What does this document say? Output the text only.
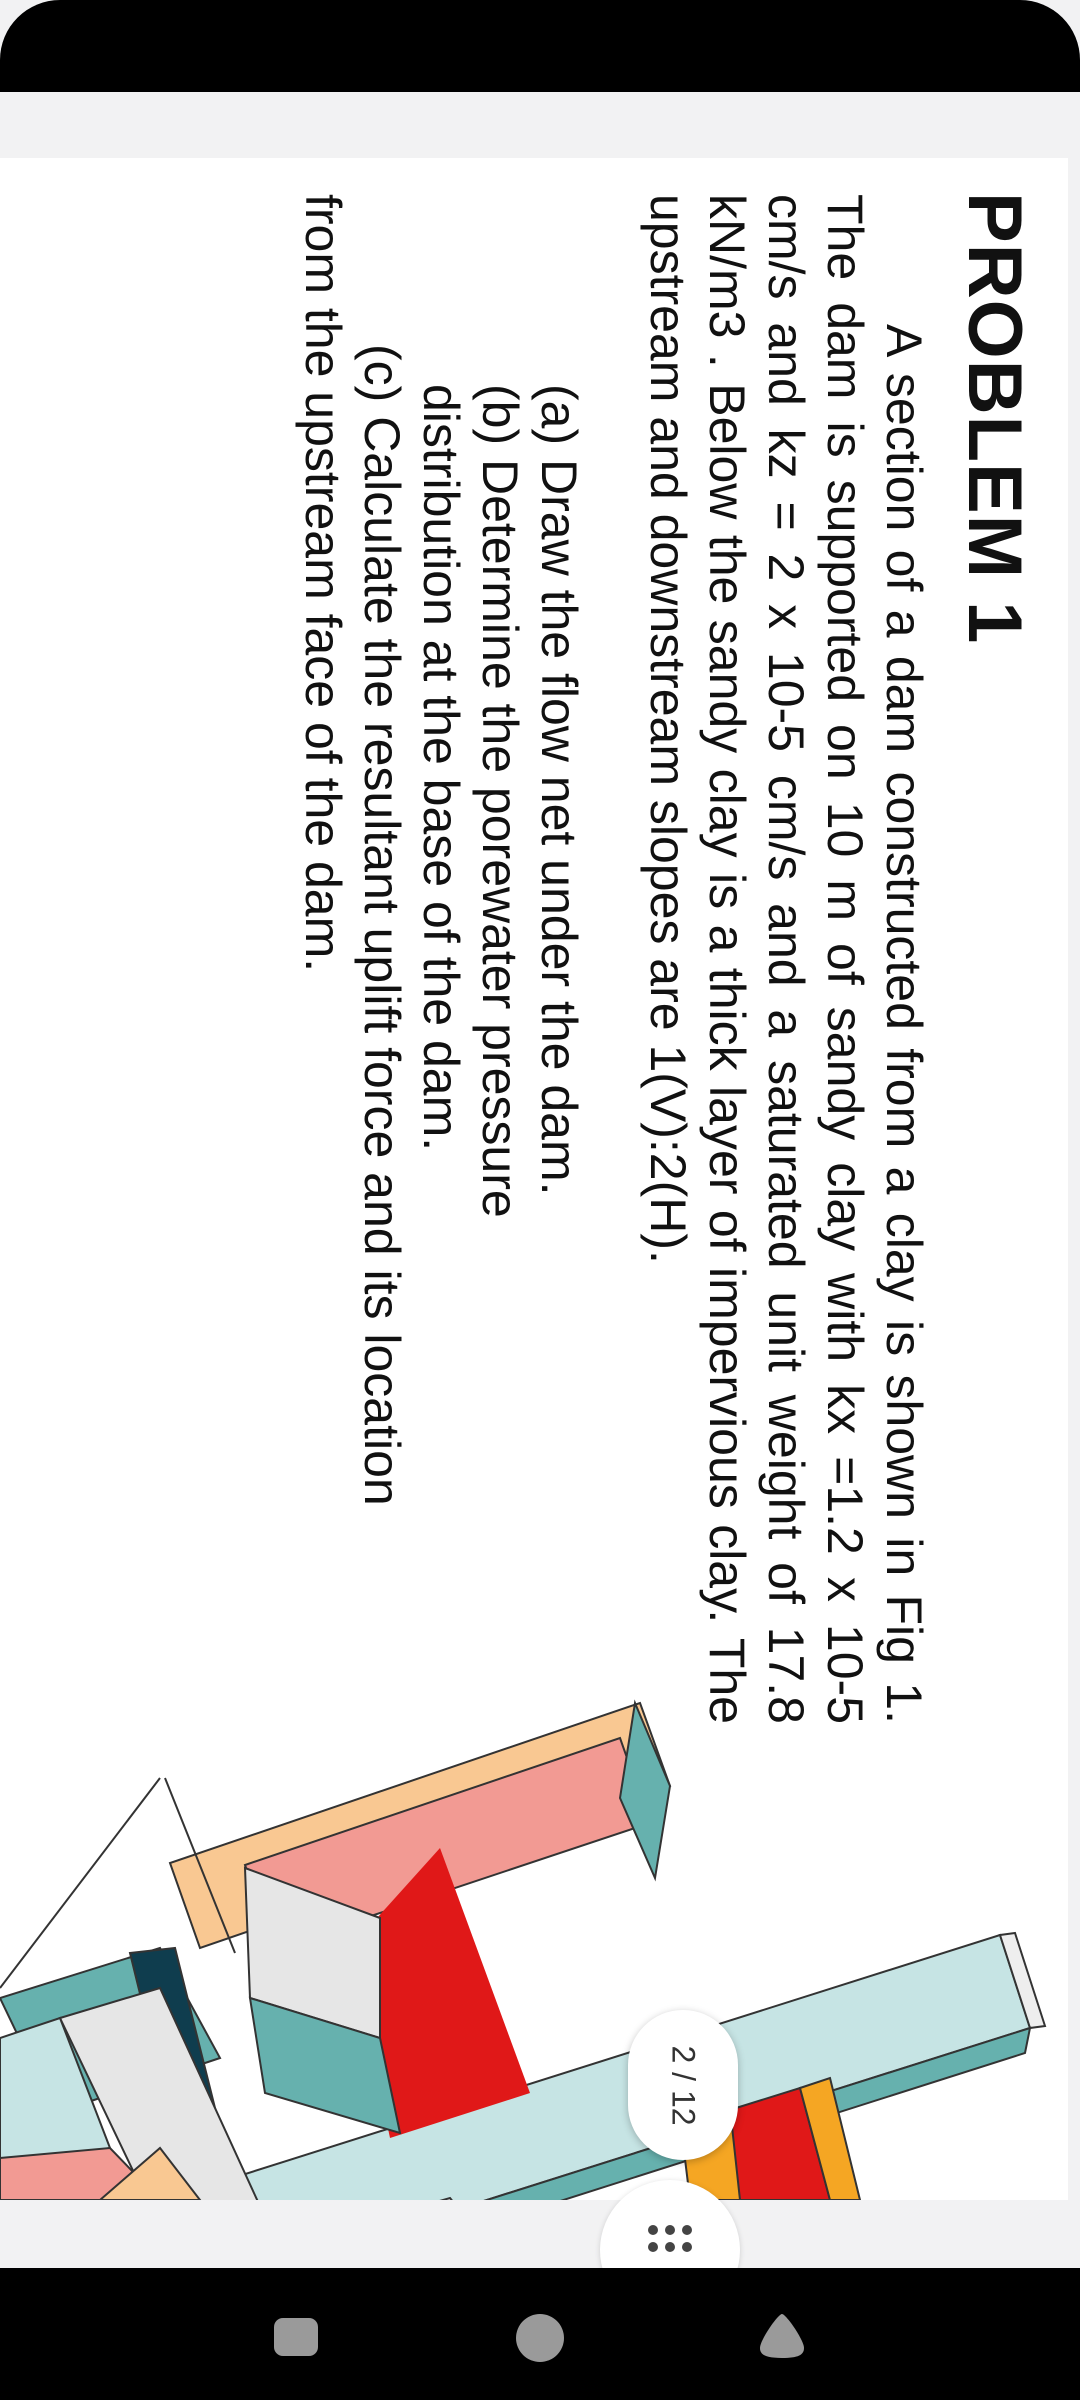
PROBLEM 1

A section of a dam constructed from a clay is shown in Fig 1. The dam is supported on 10 m of sandy clay with kx =1.2 x 10-5 cm/s and kz = 2 x 10-5 cm/s and a saturated unit weight of 17.8 kN/m3 . Below the sandy clay is a thick layer of impervious clay. The upstream and downstream slopes are 1(V):2(H).

(a) Draw the flow net under the dam.
(b) Determine the porewater pressure
distribution at the base of the dam.
(c) Calculate the resultant uplift force and its location
from the upstream face of the dam.
2 / 12
